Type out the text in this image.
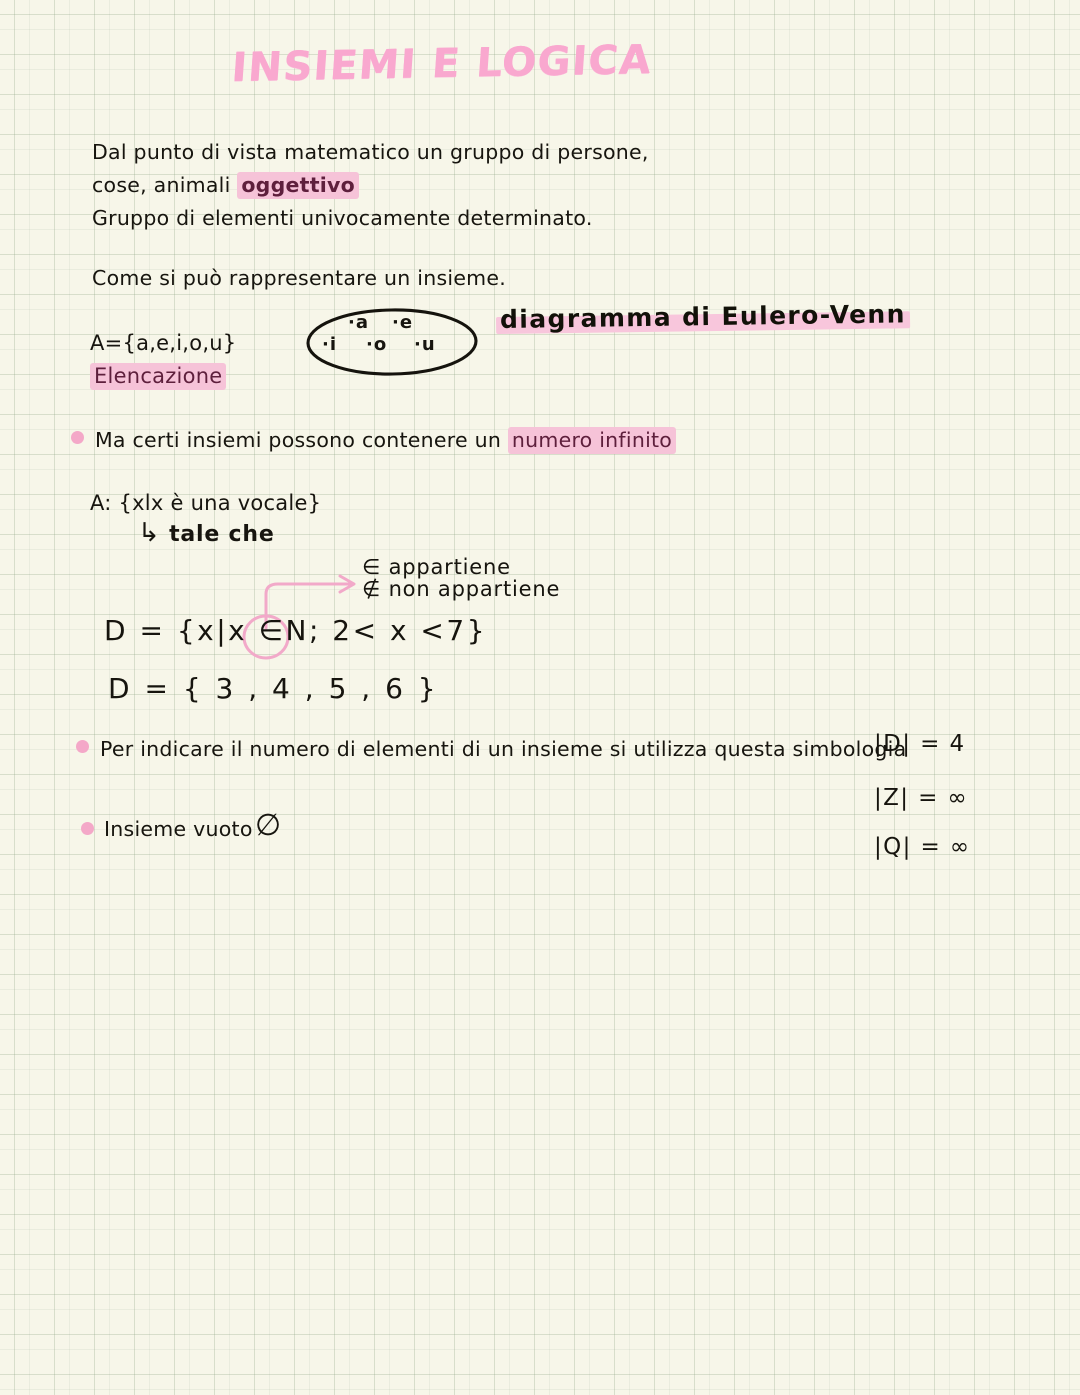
INSIEMI E LOGICA
Dal punto di vista matematico un gruppo di persone,
cose, animali oggettivo
Gruppo di elementi univocamente determinato.
Come si può rappresentare un insieme.
A={a,e,i,o,u}
Elencazione
·a ·e
·i ·o ·u
diagramma di Eulero-Venn
Ma certi insiemi possono contenere un numero infinito
A: {xlx è una vocale}
↳ tale che
∈ appartiene
∉ non appartiene
D = {x|x ∈N; 2< x <7}
D = { 3 , 4 , 5 , 6 }
Per indicare il numero di elementi di un insieme si utilizza questa simbologia
|D| = 4
|Z| = ∞
|Q| = ∞
Insieme vuoto ∅
